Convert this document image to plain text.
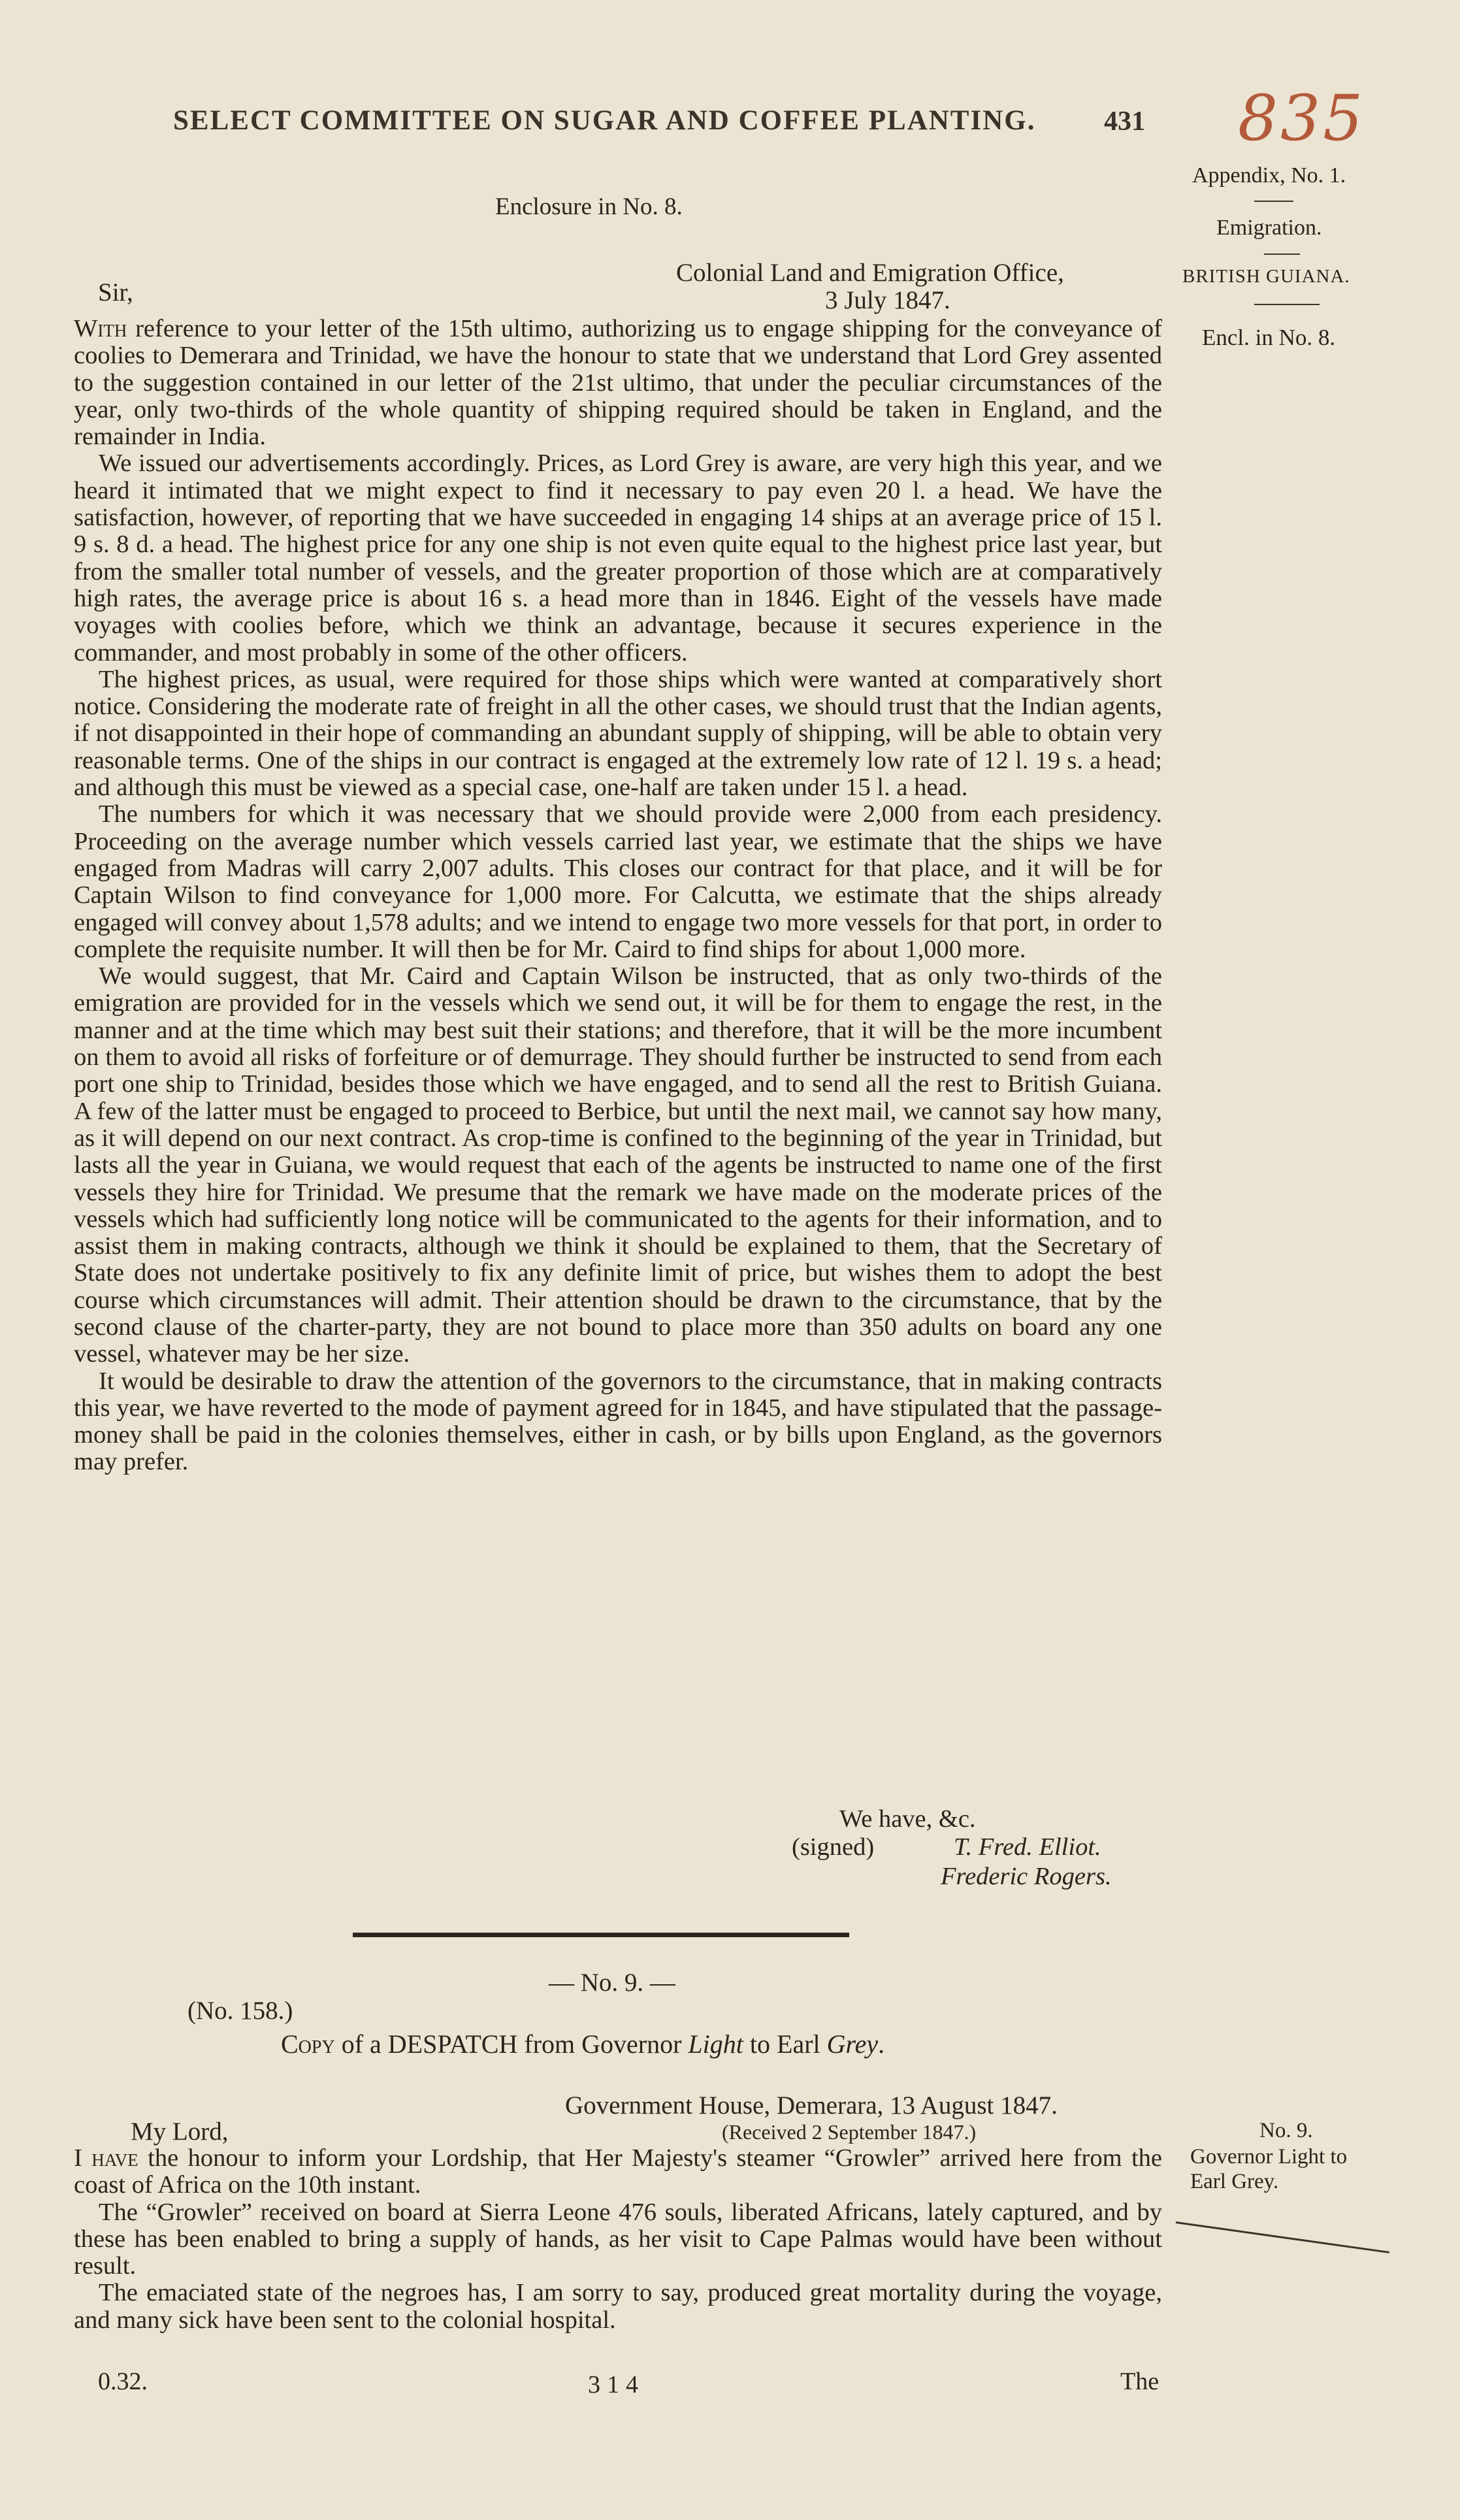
SELECT COMMITTEE ON SUGAR AND COFFEE PLANTING. 431 835
Appendix, No. 1.
Emigration.
BRITISH GUIANA.
Encl. in No. 8.
Enclosure in No. 8.
Colonial Land and Emigration Office,
Sir,	3 July 1847.

With reference to your letter of the 15th ultimo, authorizing us to engage shipping for the conveyance of coolies to Demerara and Trinidad, we have the honour to state that we understand that Lord Grey assented to the suggestion contained in our letter of the 21st ultimo, that under the peculiar circumstances of the year, only two-thirds of the whole quantity of shipping required should be taken in England, and the remainder in India.

We issued our advertisements accordingly. Prices, as Lord Grey is aware, are very high this year, and we heard it intimated that we might expect to find it necessary to pay even 20 l. a head. We have the satisfaction, however, of reporting that we have succeeded in engaging 14 ships at an average price of 15 l. 9 s. 8 d. a head. The highest price for any one ship is not even quite equal to the highest price last year, but from the smaller total number of vessels, and the greater proportion of those which are at comparatively high rates, the average price is about 16 s. a head more than in 1846. Eight of the vessels have made voyages with coolies before, which we think an advantage, because it secures experience in the commander, and most probably in some of the other officers.

The highest prices, as usual, were required for those ships which were wanted at comparatively short notice. Considering the moderate rate of freight in all the other cases, we should trust that the Indian agents, if not disappointed in their hope of commanding an abundant supply of shipping, will be able to obtain very reasonable terms. One of the ships in our contract is engaged at the extremely low rate of 12 l. 19 s. a head; and although this must be viewed as a special case, one-half are taken under 15 l. a head.

The numbers for which it was necessary that we should provide were 2,000 from each presidency. Proceeding on the average number which vessels carried last year, we estimate that the ships we have engaged from Madras will carry 2,007 adults. This closes our contract for that place, and it will be for Captain Wilson to find conveyance for 1,000 more. For Calcutta, we estimate that the ships already engaged will convey about 1,578 adults; and we intend to engage two more vessels for that port, in order to complete the requisite number. It will then be for Mr. Caird to find ships for about 1,000 more.

We would suggest, that Mr. Caird and Captain Wilson be instructed, that as only two-thirds of the emigration are provided for in the vessels which we send out, it will be for them to engage the rest, in the manner and at the time which may best suit their stations; and therefore, that it will be the more incumbent on them to avoid all risks of forfeiture or of demurrage. They should further be instructed to send from each port one ship to Trinidad, besides those which we have engaged, and to send all the rest to British Guiana. A few of the latter must be engaged to proceed to Berbice, but until the next mail, we cannot say how many, as it will depend on our next contract. As crop-time is confined to the beginning of the year in Trinidad, but lasts all the year in Guiana, we would request that each of the agents be instructed to name one of the first vessels they hire for Trinidad. We presume that the remark we have made on the moderate prices of the vessels which had sufficiently long notice will be communicated to the agents for their information, and to assist them in making contracts, although we think it should be explained to them, that the Secretary of State does not undertake positively to fix any definite limit of price, but wishes them to adopt the best course which circumstances will admit. Their attention should be drawn to the circumstance, that by the second clause of the charter-party, they are not bound to place more than 350 adults on board any one vessel, whatever may be her size.

It would be desirable to draw the attention of the governors to the circumstance, that in making contracts this year, we have reverted to the mode of payment agreed for in 1845, and have stipulated that the passage-money shall be paid in the colonies themselves, either in cash, or by bills upon England, as the governors may prefer.

We have, &c.
(signed)	T. Fred. Elliot.
Frederic Rogers.
— No. 9. —
(No. 158.)
Copy of a DESPATCH from Governor Light to Earl Grey.
Government House, Demerara, 13 August 1847.
My Lord,	(Received 2 September 1847.)	No. 9.
Governor Light to
Earl Grey.

I have the honour to inform your Lordship, that Her Majesty's steamer “Growler” arrived here from the coast of Africa on the 10th instant.

The “Growler” received on board at Sierra Leone 476 souls, liberated Africans, lately captured, and by these has been enabled to bring a supply of hands, as her visit to Cape Palmas would have been without result.

The emaciated state of the negroes has, I am sorry to say, produced great mortality during the voyage, and many sick have been sent to the colonial hospital.

0.32.	314	The
